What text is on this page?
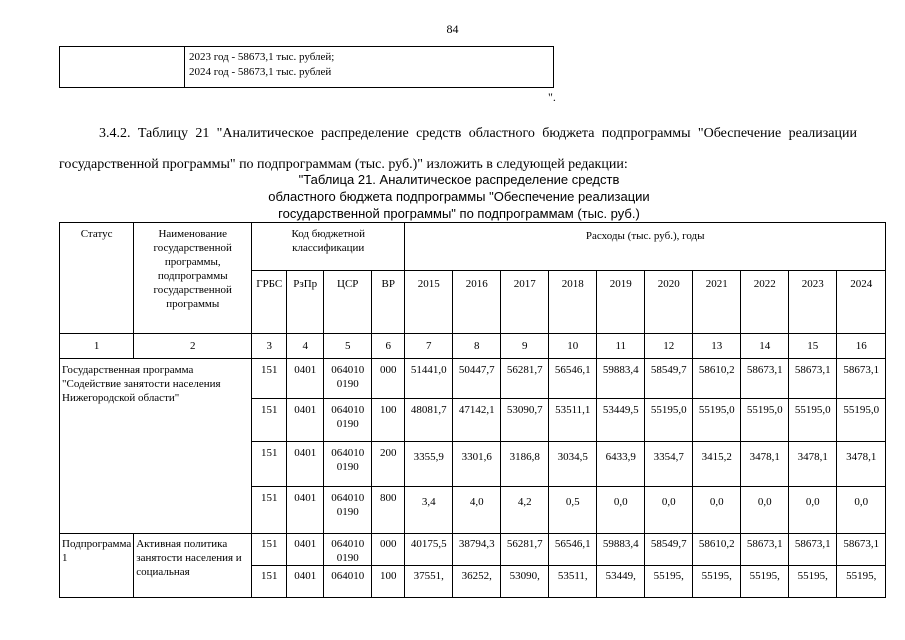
84

2023 год - 58673,1 тыс. рублей;
2024 год - 58673,1 тыс. рублей
".
3.4.2. Таблицу 21 "Аналитическое распределение средств областного бюджета подпрограммы "Обеспечение реализации государственной программы" по подпрограммам (тыс. руб.)" изложить в следующей редакции:
"Таблица 21. Аналитическое распределение средств
областного бюджета подпрограммы "Обеспечение реализации
государственной программы" по подпрограммам (тыс. руб.)
Статус	Наименование государственной программы, подпрограммы государственной программы	Код бюджетной классификации				Расходы (тыс. руб.), годы									
		ГРБС	РзПр	ЦСР	ВР	2015	2016	2017	2018	2019	2020	2021	2022	2023	2024
1	2	3	4	5	6	7	8	9	10	11	12	13	14	15	16
Государственная программа "Содействие занятости населения Нижегородской области"		151	0401	064010 0190	000	51441,0	50447,7	56281,7	56546,1	59883,4	58549,7	58610,2	58673,1	58673,1	58673,1
		151	0401	064010 0190	100	48081,7	47142,1	53090,7	53511,1	53449,5	55195,0	55195,0	55195,0	55195,0	55195,0
		151	0401	064010 0190	200	3355,9	3301,6	3186,8	3034,5	6433,9	3354,7	3415,2	3478,1	3478,1	3478,1
		151	0401	064010 0190	800	3,4	4,0	4,2	0,5	0,0	0,0	0,0	0,0	0,0	0,0
Подпрограмма 1	Активная политика занятости населения и социальная	151	0401	064010 0190	000	40175,5	38794,3	56281,7	56546,1	59883,4	58549,7	58610,2	58673,1	58673,1	58673,1
		151	0401	064010	100	37551,	36252,	53090,	53511,	53449,	55195,	55195,	55195,	55195,	55195,
